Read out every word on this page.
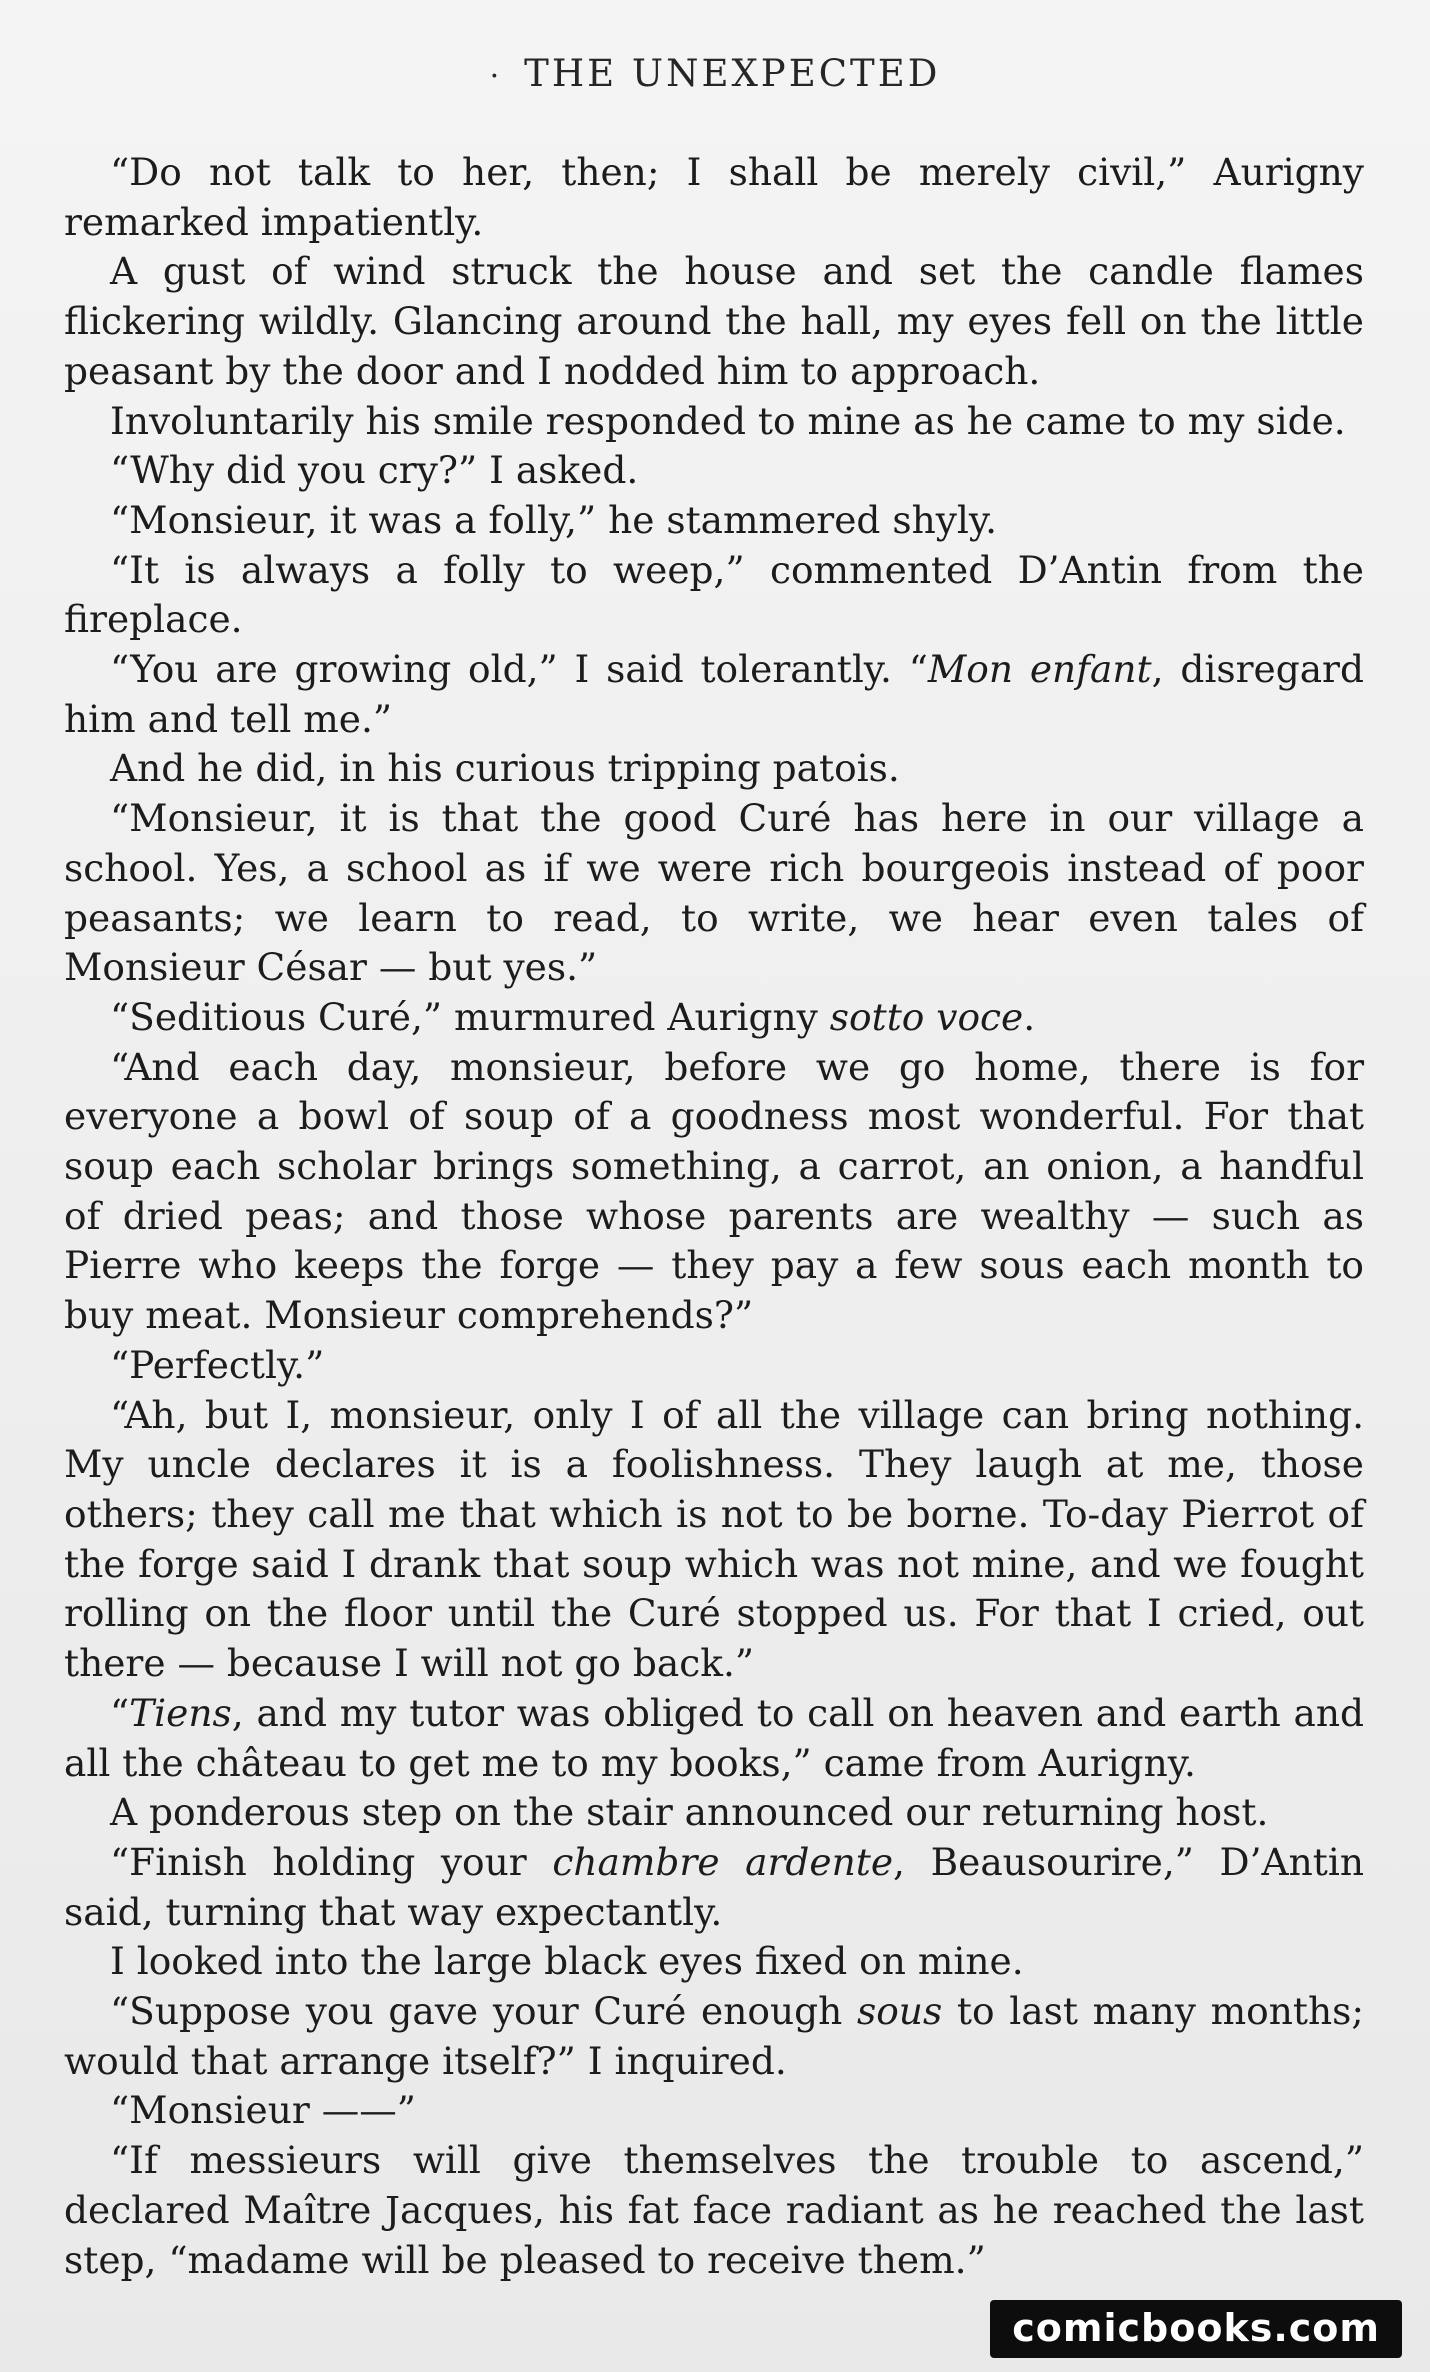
· THE UNEXPECTED

“Do not talk to her, then; I shall be merely civil,” Aurigny remarked impatiently.

A gust of wind struck the house and set the candle flames flickering wildly. Glancing around the hall, my eyes fell on the little peasant by the door and I nodded him to approach.

Involuntarily his smile responded to mine as he came to my side.

“Why did you cry?” I asked.

“Monsieur, it was a folly,” he stammered shyly.

“It is always a folly to weep,” commented D’Antin from the fireplace.

“You are growing old,” I said tolerantly. “Mon enfant, disregard him and tell me.”

And he did, in his curious tripping patois.

“Monsieur, it is that the good Curé has here in our village a school. Yes, a school as if we were rich bourgeois instead of poor peasants; we learn to read, to write, we hear even tales of Monsieur César — but yes.”

“Seditious Curé,” murmured Aurigny sotto voce.

“And each day, monsieur, before we go home, there is for everyone a bowl of soup of a goodness most wonderful. For that soup each scholar brings something, a carrot, an onion, a handful of dried peas; and those whose parents are wealthy — such as Pierre who keeps the forge — they pay a few sous each month to buy meat. Monsieur comprehends?”

“Perfectly.”

“Ah, but I, monsieur, only I of all the village can bring nothing. My uncle declares it is a foolishness. They laugh at me, those others; they call me that which is not to be borne. To-day Pierrot of the forge said I drank that soup which was not mine, and we fought rolling on the floor until the Curé stopped us. For that I cried, out there — because I will not go back.”

“Tiens, and my tutor was obliged to call on heaven and earth and all the château to get me to my books,” came from Aurigny.

A ponderous step on the stair announced our returning host.

“Finish holding your chambre ardente, Beausourire,” D’Antin said, turning that way expectantly.

I looked into the large black eyes fixed on mine.

“Suppose you gave your Curé enough sous to last many months; would that arrange itself?” I inquired.

“Monsieur ——”

“If messieurs will give themselves the trouble to ascend,” declared Maître Jacques, his fat face radiant as he reached the last step, “madame will be pleased to receive them.”

comicbooks.com
